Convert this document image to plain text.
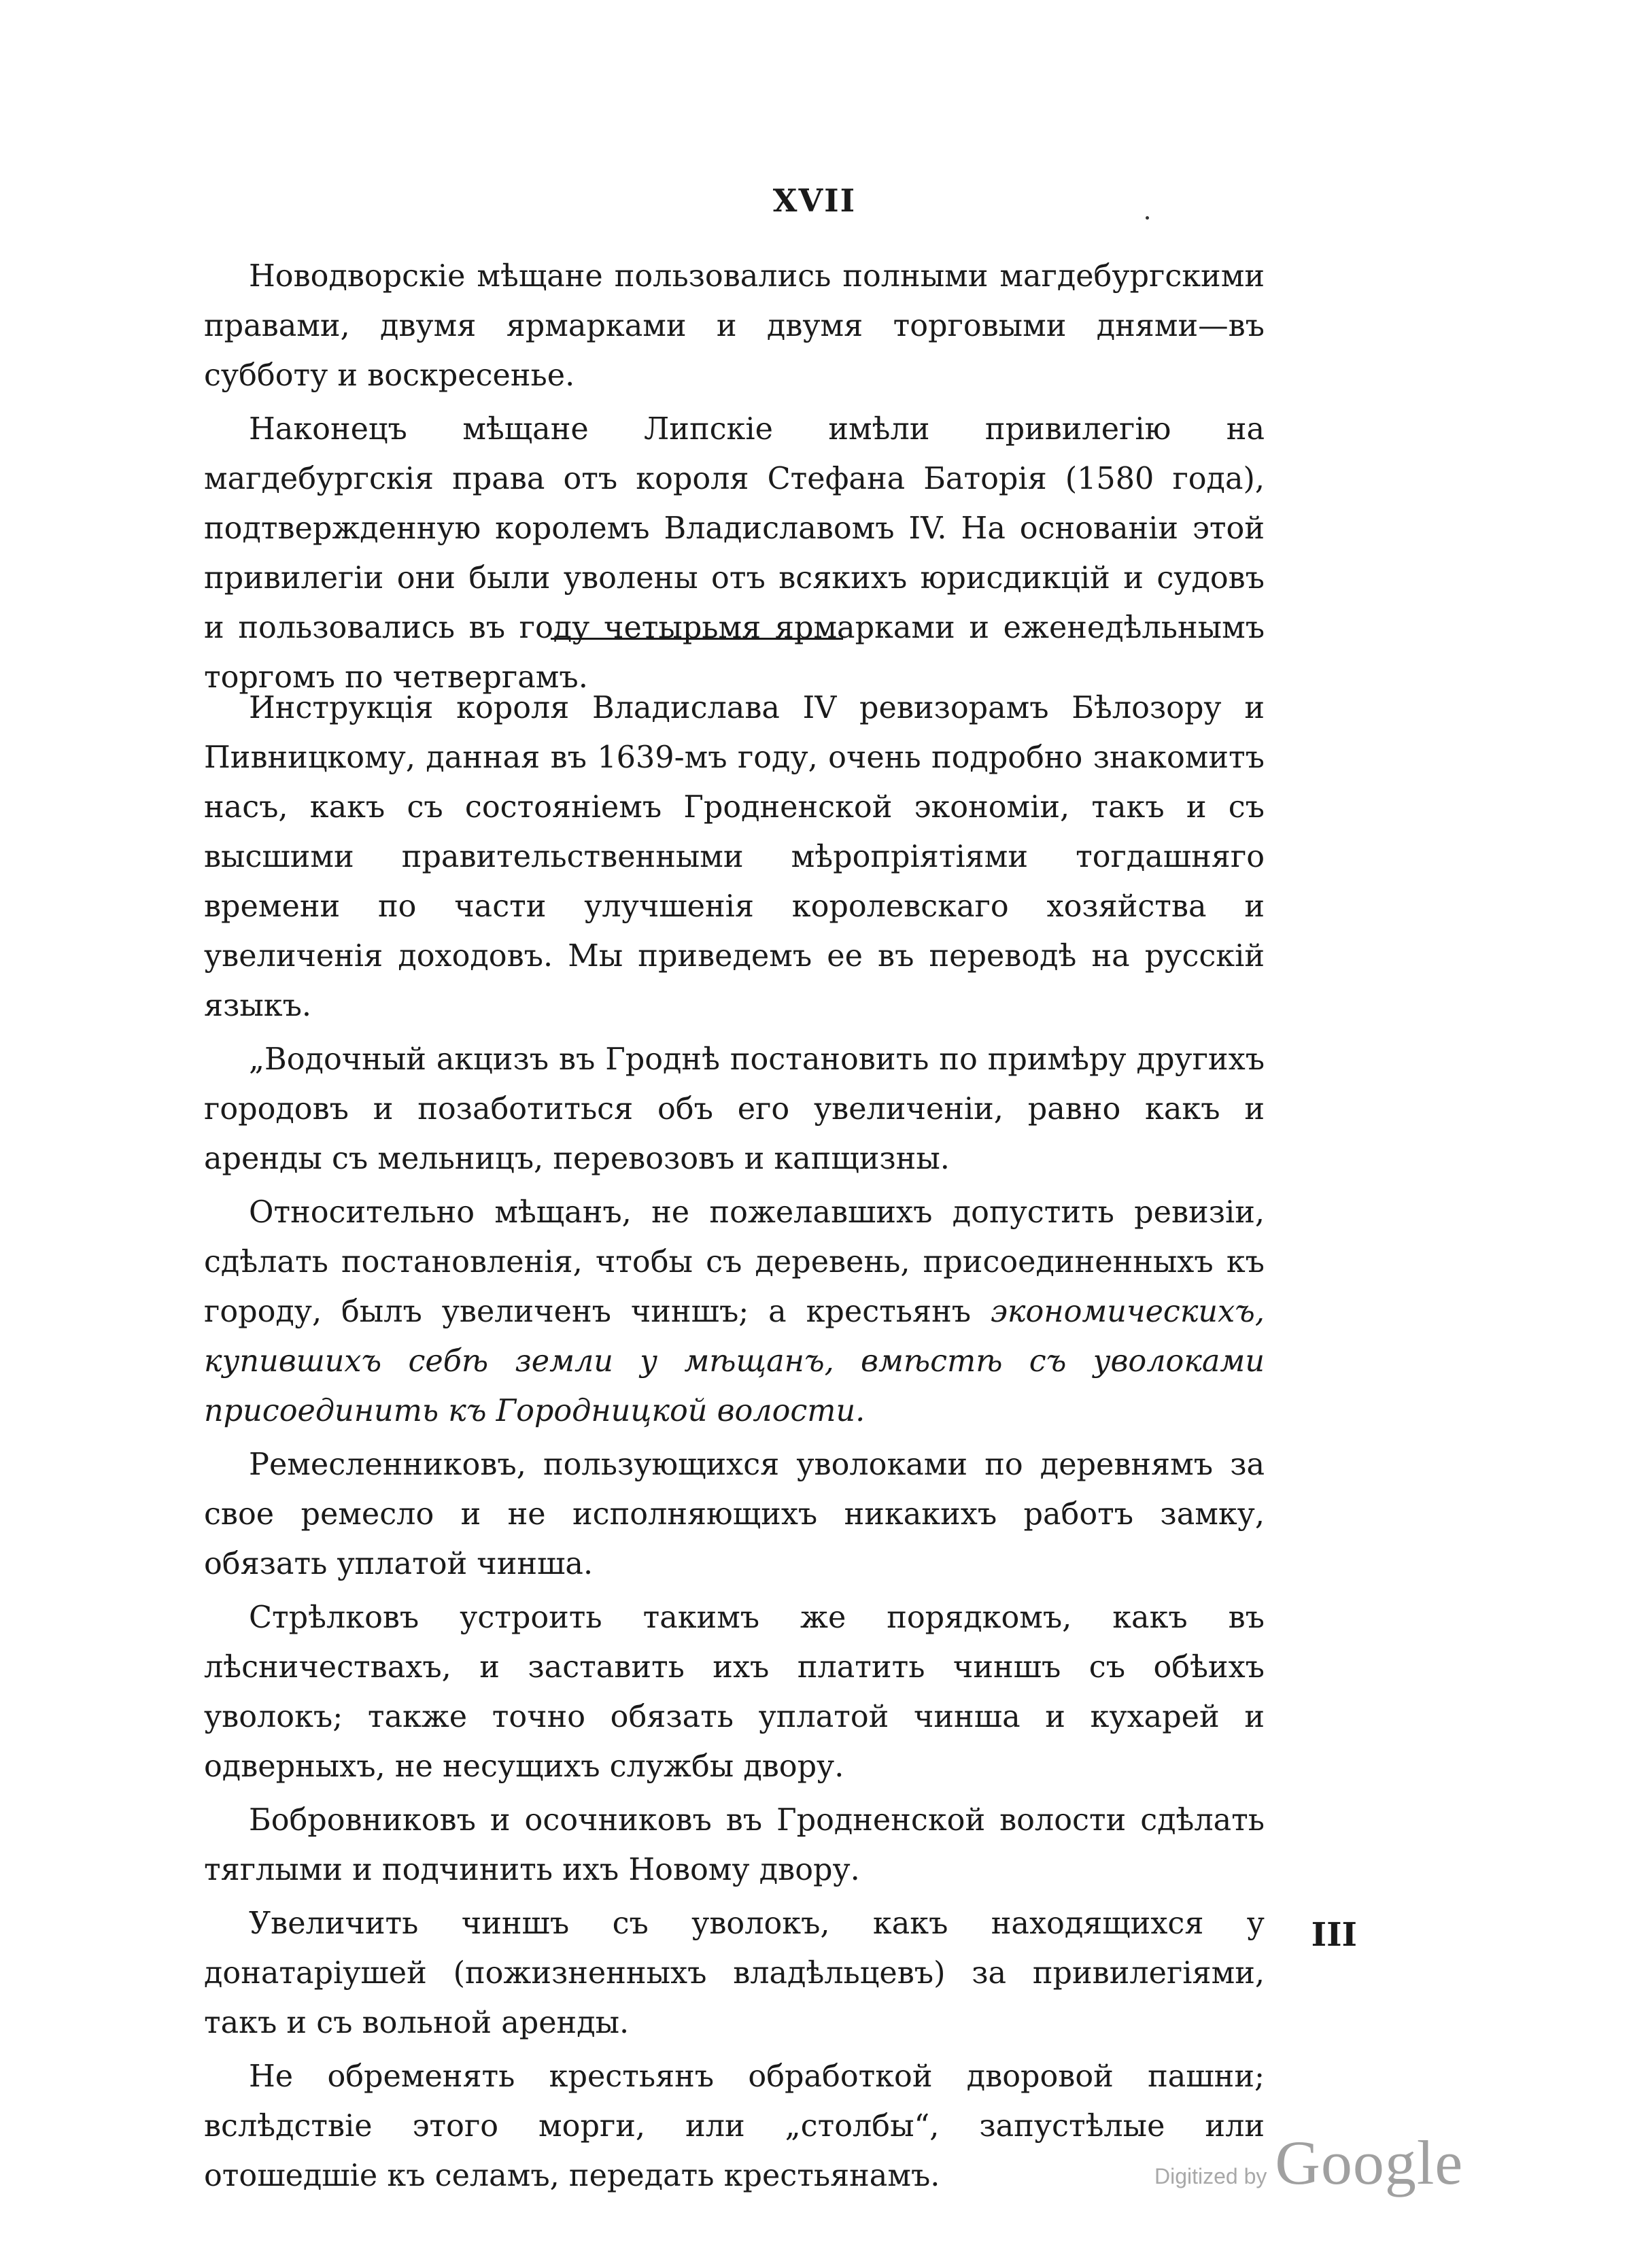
XVII

Новодворскіе мѣщане пользовались полными магдебургскими правами, двумя ярмарками и двумя торговыми днями—въ субботу и воскресенье.

Наконецъ мѣщане Липскіе имѣли привилегію на магдебургскія права отъ короля Стефана Баторія (1580 года), подтвержденную королемъ Владиславомъ IV. На основаніи этой привилегіи они были уволены отъ всякихъ юрисдикцій и судовъ и пользовались въ году четырьмя ярмарками и еженедѣльнымъ торгомъ по четвергамъ.

Инструкція короля Владислава IV ревизорамъ Бѣлозору и Пивницкому, данная въ 1639-мъ году, очень подробно знакомитъ насъ, какъ съ состояніемъ Гродненской экономіи, такъ и съ высшими правительственными мѣропріятіями тогдашняго времени по части улучшенія королевскаго хозяйства и увеличенія доходовъ. Мы приведемъ ее въ переводѣ на русскій языкъ.

„Водочный акцизъ въ Гроднѣ постановить по примѣру другихъ городовъ и позаботиться объ его увеличеніи, равно какъ и аренды съ мельницъ, перевозовъ и капщизны.

Относительно мѣщанъ, не пожелавшихъ допустить ревизіи, сдѣлать постановленія, чтобы съ деревень, присоединенныхъ къ городу, былъ увеличенъ чиншъ; а крестьянъ экономическихъ, купившихъ себѣ земли у мѣщанъ, вмѣстѣ съ уволоками присоединить къ Городницкой волости.

Ремесленниковъ, пользующихся уволоками по деревнямъ за свое ремесло и не исполняющихъ никакихъ работъ замку, обязать уплатой чинша.

Стрѣлковъ устроить такимъ же порядкомъ, какъ въ лѣсничествахъ, и заставить ихъ платить чиншъ съ обѣихъ уволокъ; также точно обязать уплатой чинша и кухарей и одверныхъ, не несущихъ службы двору.

Бобровниковъ и осочниковъ въ Гродненской волости сдѣлать тяглыми и подчинить ихъ Новому двору.

Увеличить чиншъ съ уволокъ, какъ находящихся у донатаріушей (пожизненныхъ владѣльцевъ) за привилегіями, такъ и съ вольной аренды.

Не обременять крестьянъ обработкой дворовой пашни; вслѣдствіе этого морги, или „столбы“, запустѣлые или отошедшіе къ селамъ, передать крестьянамъ.

III
Digitized by Google
